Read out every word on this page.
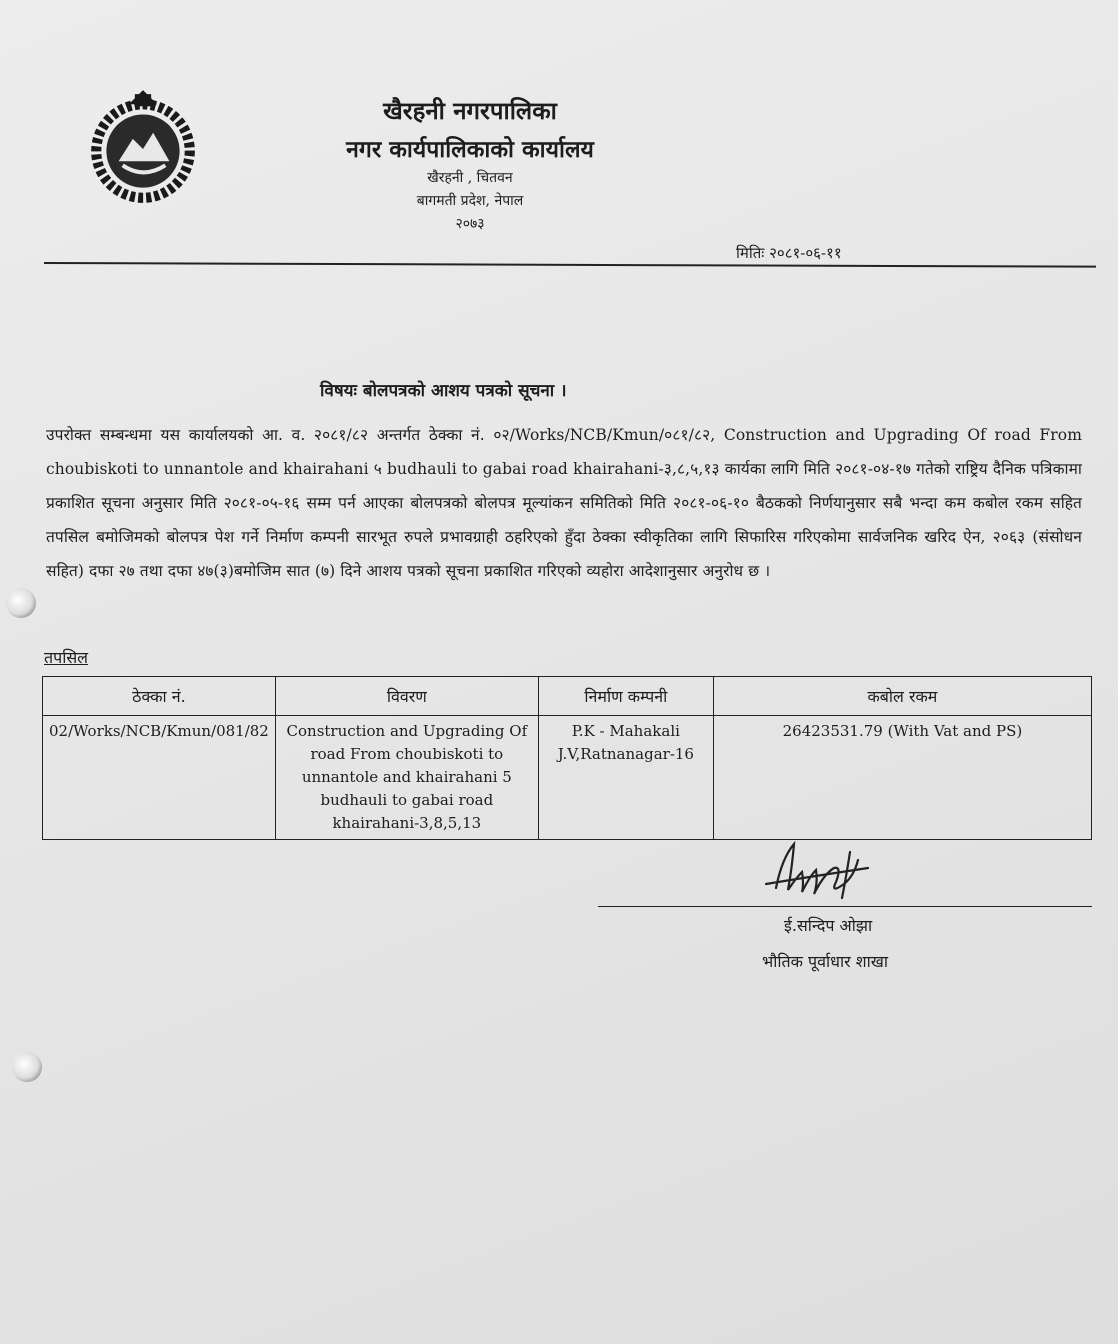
खैरहनी नगरपालिका
नगर कार्यपालिकाको कार्यालय
खैरहनी , चितवन
बागमती प्रदेश, नेपाल
२०७३
मितिः २०८१-०६-११
विषयः बोलपत्रको आशय पत्रको सूचना ।
उपरोक्त सम्बन्धमा यस कार्यालयको आ. व. २०८१/८२ अन्तर्गत ठेक्का नं. ०२/Works/NCB/Kmun/०८१/८२, Construction and Upgrading Of road From choubiskoti to unnantole and khairahani ५ budhauli to gabai road khairahani-३,८,५,१३ कार्यका लागि मिति २०८१-०४-१७ गतेको राष्ट्रिय दैनिक पत्रिकामा प्रकाशित सूचना अनुसार मिति २०८१-०५-१६ सम्म पर्न आएका बोलपत्रको बोलपत्र मूल्यांकन समितिको मिति २०८१-०६-१० बैठकको निर्णयानुसार सबै भन्दा कम कबोल रकम सहित तपसिल बमोजिमको बोलपत्र पेश गर्ने निर्माण कम्पनी सारभूत रुपले प्रभावग्राही ठहरिएको हुँदा ठेक्का स्वीकृतिका लागि सिफारिस गरिएकोमा सार्वजनिक खरिद ऐन, २०६३ (संसोधन सहित) दफा २७ तथा दफा ४७(३)बमोजिम सात (७) दिने आशय पत्रको सूचना प्रकाशित गरिएको व्यहोरा आदेशानुसार अनुरोध छ ।
तपसिल
ठेक्का नं.	विवरण	निर्माण कम्पनी	कबोल रकम
02/Works/NCB/Kmun/081/82	Construction and Upgrading Of road From choubiskoti to unnantole and khairahani 5 budhauli to gabai road khairahani-3,8,5,13	P.K - Mahakali J.V,Ratnanagar-16	26423531.79 (With Vat and PS)
ई.सन्दिप ओझा
भौतिक पूर्वाधार शाखा
